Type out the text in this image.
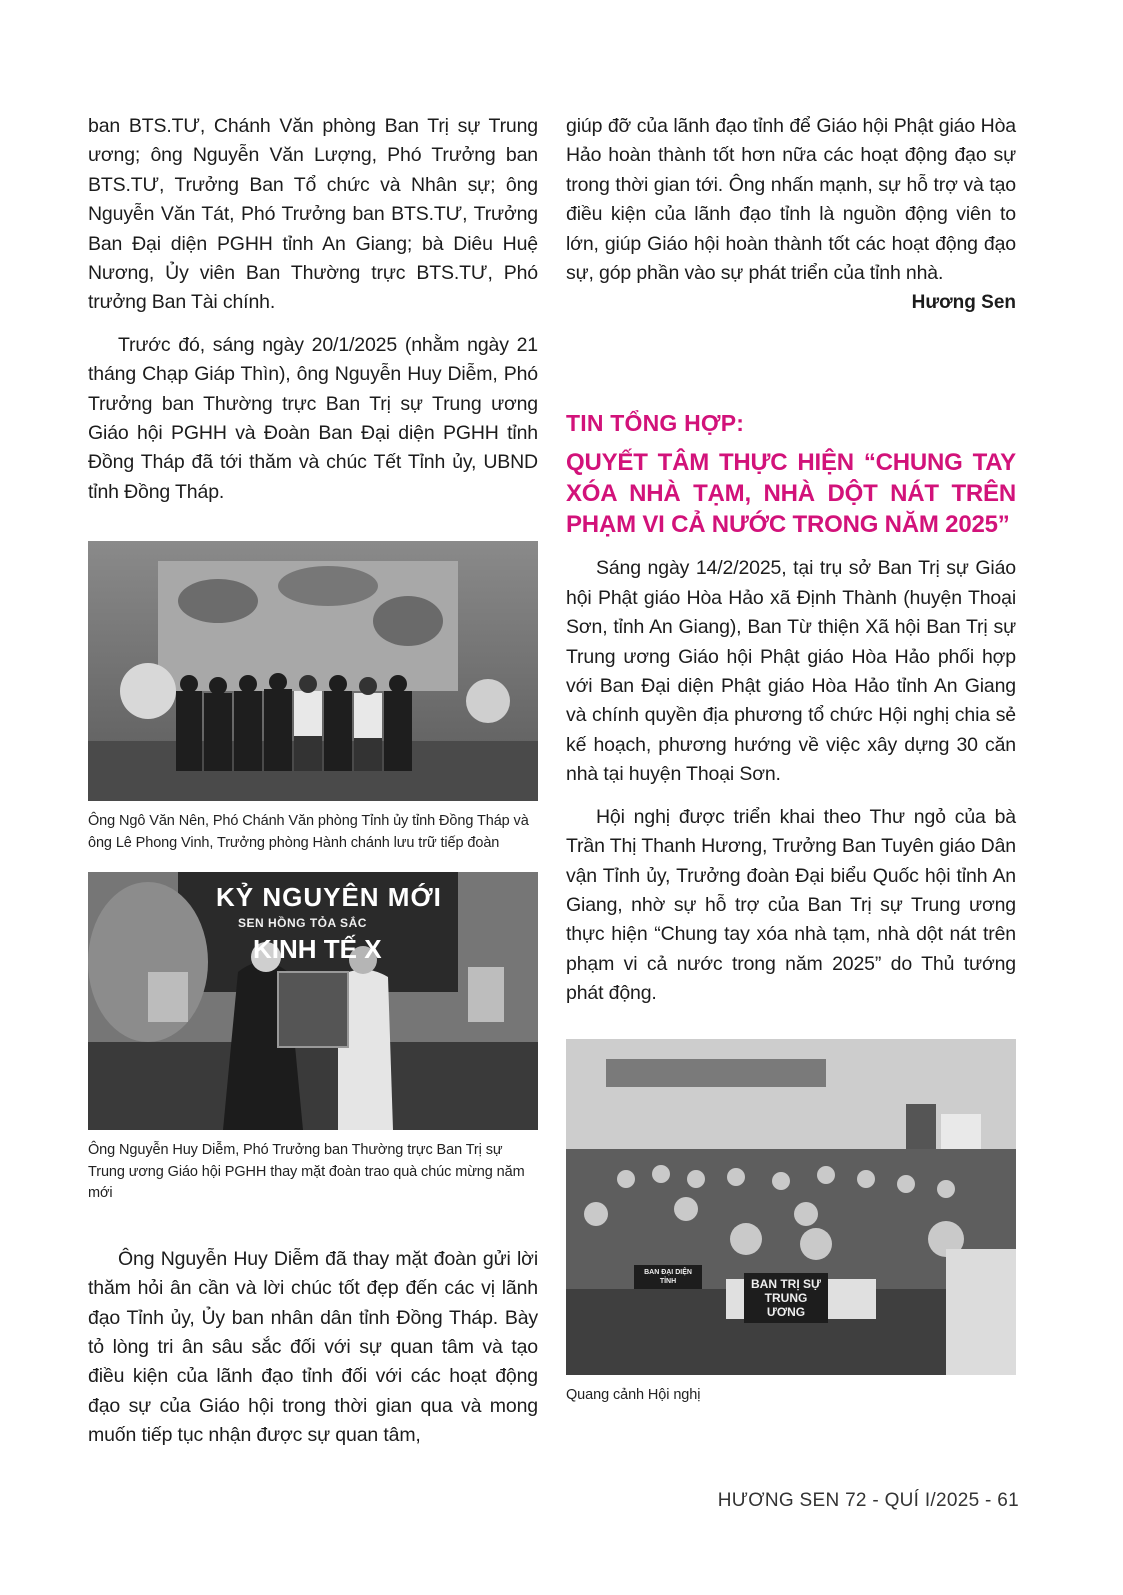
ban BTS.TƯ, Chánh Văn phòng Ban Trị sự Trung ương; ông Nguyễn Văn Lượng, Phó Trưởng ban BTS.TƯ, Trưởng Ban Tổ chức và Nhân sự; ông Nguyễn Văn Tát, Phó Trưởng ban BTS.TƯ, Trưởng Ban Đại diện PGHH tỉnh An Giang; bà Diêu Huệ Nương, Ủy viên Ban Thường trực BTS.TƯ, Phó trưởng Ban Tài chính.

Trước đó, sáng ngày 20/1/2025 (nhằm ngày 21 tháng Chạp Giáp Thìn), ông Nguyễn Huy Diễm, Phó Trưởng ban Thường trực Ban Trị sự Trung ương Giáo hội PGHH và Đoàn Ban Đại diện PGHH tỉnh Đồng Tháp đã tới thăm và chúc Tết Tỉnh ủy, UBND tỉnh Đồng Tháp.

Ông Ngô Văn Nên, Phó Chánh Văn phòng Tỉnh ủy tỉnh Đồng Tháp và ông Lê Phong Vinh, Trưởng phòng Hành chánh lưu trữ tiếp đoàn

KỶ NGUYÊN MỚI
SEN HỒNG TỎA SẮC
KINH TẾ X

Ông Nguyễn Huy Diễm, Phó Trưởng ban Thường trực Ban Trị sự Trung ương Giáo hội PGHH thay mặt đoàn trao quà chúc mừng năm mới

Ông Nguyễn Huy Diễm đã thay mặt đoàn gửi lời thăm hỏi ân cần và lời chúc tốt đẹp đến các vị lãnh đạo Tỉnh ủy, Ủy ban nhân dân tỉnh Đồng Tháp. Bày tỏ lòng tri ân sâu sắc đối với sự quan tâm và tạo điều kiện của lãnh đạo tỉnh đối với các hoạt động đạo sự của Giáo hội trong thời gian qua và mong muốn tiếp tục nhận được sự quan tâm,

giúp đỡ của lãnh đạo tỉnh để Giáo hội Phật giáo Hòa Hảo hoàn thành tốt hơn nữa các hoạt động đạo sự trong thời gian tới. Ông nhấn mạnh, sự hỗ trợ và tạo điều kiện của lãnh đạo tỉnh là nguồn động viên to lớn, giúp Giáo hội hoàn thành tốt các hoạt động đạo sự, góp phần vào sự phát triển của tỉnh nhà.

Hương Sen

TIN TỔNG HỢP:
QUYẾT TÂM THỰC HIỆN “CHUNG TAY XÓA NHÀ TẠM, NHÀ DỘT NÁT TRÊN PHẠM VI CẢ NƯỚC TRONG NĂM 2025”

Sáng ngày 14/2/2025, tại trụ sở Ban Trị sự Giáo hội Phật giáo Hòa Hảo xã Định Thành (huyện Thoại Sơn, tỉnh An Giang), Ban Từ thiện Xã hội Ban Trị sự Trung ương Giáo hội Phật giáo Hòa Hảo phối hợp với Ban Đại diện Phật giáo Hòa Hảo tỉnh An Giang và chính quyền địa phương tổ chức Hội nghị chia sẻ kế hoạch, phương hướng về việc xây dựng 30 căn nhà tại huyện Thoại Sơn.

Hội nghị được triển khai theo Thư ngỏ của bà Trần Thị Thanh Hương, Trưởng Ban Tuyên giáo Dân vận Tỉnh ủy, Trưởng đoàn Đại biểu Quốc hội tỉnh An Giang, nhờ sự hỗ trợ của Ban Trị sự Trung ương thực hiện “Chung tay xóa nhà tạm, nhà dột nát trên phạm vi cả nước trong năm 2025” do Thủ tướng phát động.

BAN ĐẠI DIỆN TỈNH	BAN TRỊ SỰ TRUNG ƯƠNG

Quang cảnh Hội nghị

HƯƠNG SEN 72 - QUÍ I/2025 - 61
